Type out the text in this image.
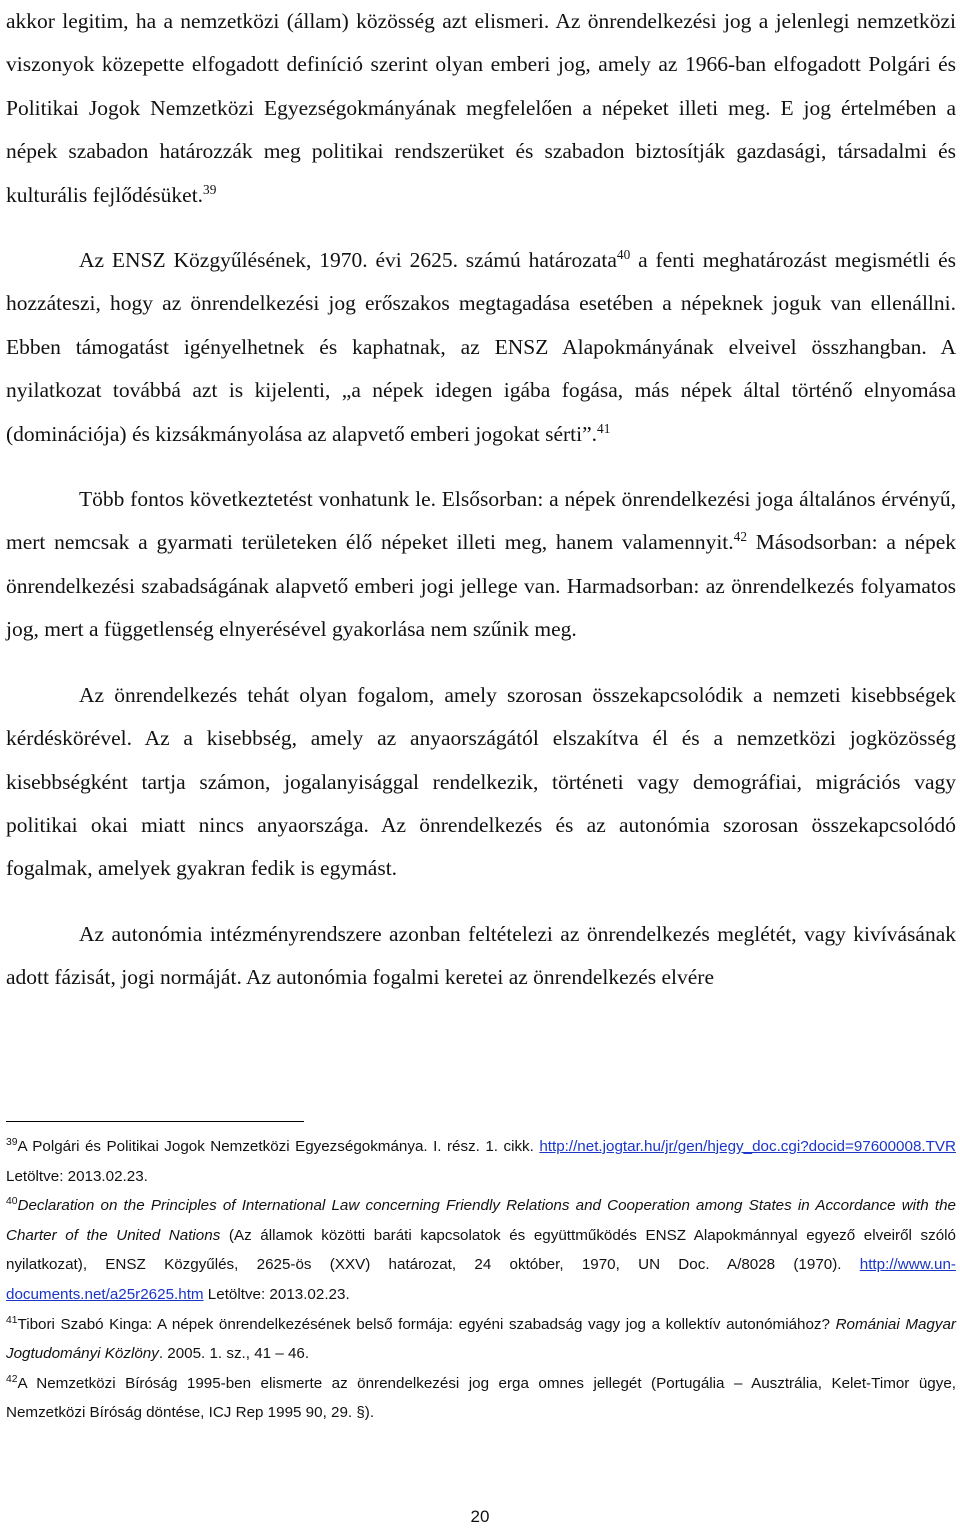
akkor legitim, ha a nemzetközi (állam) közösség azt elismeri. Az önrendelkezési jog a jelenlegi nemzetközi viszonyok közepette elfogadott definíció szerint olyan emberi jog, amely az 1966-ban elfogadott Polgári és Politikai Jogok Nemzetközi Egyezségokmányának megfelelően a népeket illeti meg. E jog értelmében a népek szabadon határozzák meg politikai rendszerüket és szabadon biztosítják gazdasági, társadalmi és kulturális fejlődésüket.$^{39}$

Az ENSZ Közgyűlésének, 1970. évi 2625. számú határozata$^{40}$ a fenti meghatározást megismétli és hozzáteszi, hogy az önrendelkezési jog erőszakos megtagadása esetében a népeknek joguk van ellenállni. Ebben támogatást igényelhetnek és kaphatnak, az ENSZ Alapokmányának elveivel összhangban. A nyilatkozat továbbá azt is kijelenti, „a népek idegen igába fogása, más népek által történő elnyomása (dominációja) és kizsákmányolása az alapvető emberi jogokat sérti”.$^{41}$

Több fontos következtetést vonhatunk le. Elsősorban: a népek önrendelkezési joga általános érvényű, mert nemcsak a gyarmati területeken élő népeket illeti meg, hanem valamennyit.$^{42}$ Másodsorban: a népek önrendelkezési szabadságának alapvető emberi jogi jellege van. Harmadsorban: az önrendelkezés folyamatos jog, mert a függetlenség elnyerésével gyakorlása nem szűnik meg.

Az önrendelkezés tehát olyan fogalom, amely szorosan összekapcsolódik a nemzeti kisebbségek kérdéskörével. Az a kisebbség, amely az anyaországától elszakítva él és a nemzetközi jogközösség kisebbségként tartja számon, jogalanyisággal rendelkezik, történeti vagy demográfiai, migrációs vagy politikai okai miatt nincs anyaországa. Az önrendelkezés és az autonómia szorosan összekapcsolódó fogalmak, amelyek gyakran fedik is egymást.

Az autonómia intézményrendszere azonban feltételezi az önrendelkezés meglétét, vagy kivívásának adott fázisát, jogi normáját. Az autonómia fogalmi keretei az önrendelkezés elvére

$^{39}$A Polgári és Politikai Jogok Nemzetközi Egyezségokmánya. I. rész. 1. cikk. http://net.jogtar.hu/jr/gen/hjegy_doc.cgi?docid=97600008.TVR Letöltve: 2013.02.23.

$^{40}$Declaration on the Principles of International Law concerning Friendly Relations and Cooperation among States in Accordance with the Charter of the United Nations (Az államok közötti baráti kapcsolatok és együttműködés ENSZ Alapokmánnyal egyező elveiről szóló nyilatkozat), ENSZ Közgyűlés, 2625-ös (XXV) határozat, 24 október, 1970, UN Doc. A/8028 (1970). http://www.un-documents.net/a25r2625.htm Letöltve: 2013.02.23.

$^{41}$Tibori Szabó Kinga: A népek önrendelkezésének belső formája: egyéni szabadság vagy jog a kollektív autonómiához? Romániai Magyar Jogtudományi Közlöny. 2005. 1. sz., 41 – 46.

$^{42}$A Nemzetközi Bíróság 1995-ben elismerte az önrendelkezési jog erga omnes jellegét (Portugália – Ausztrália, Kelet-Timor ügye, Nemzetközi Bíróság döntése, ICJ Rep 1995 90, 29. §).

20
